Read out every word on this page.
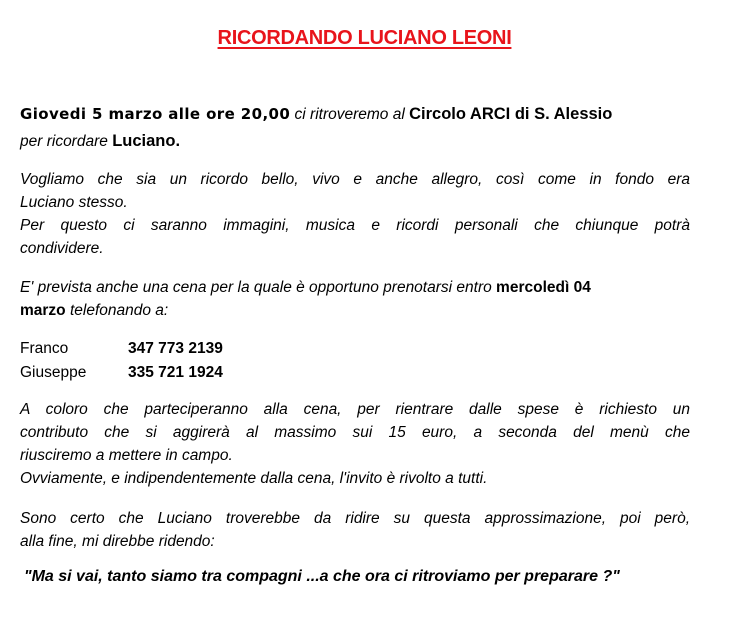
RICORDANDO LUCIANO LEONI
Giovedi 5 marzo alle ore 20,00 ci ritroveremo al Circolo ARCI di S. Alessio
per ricordare Luciano.
Vogliamo che sia un ricordo bello, vivo e anche allegro, così come in fondo era
Luciano stesso.
Per questo ci saranno immagini, musica e ricordi personali che chiunque potrà
condividere.
E' prevista anche una cena per la quale è opportuno prenotarsi entro mercoledì 04
marzo telefonando a:
Franco	347 773 2139
Giuseppe	335 721 1924
A coloro che parteciperanno alla cena, per rientrare dalle spese è richiesto un
contributo che si aggirerà al massimo sui 15 euro, a seconda del menù che
riusciremo a mettere in campo.
Ovviamente, e indipendentemente dalla cena, l'invito è rivolto a tutti.
Sono certo che Luciano troverebbe da ridire su questa approssimazione, poi però,
alla fine, mi direbbe ridendo:
"Ma si vai, tanto siamo tra compagni ...a che ora ci ritroviamo per preparare ?"
